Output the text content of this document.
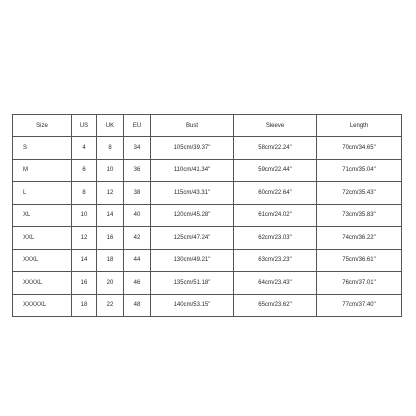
Size	US	UK	EU	Bust	Sleeve	Length
S	4	8	34	105cm/39.37"	58cm/22.24"	70cm/34.65"
M	6	10	36	110cm/41.34"	59cm/22.44"	71cm/35.04"
L	8	12	38	115cm/43.31"	60cm/22.64"	72cm/35.43"
XL	10	14	40	120cm/45.28"	61cm/24.02"	73cm/35.83"
XXL	12	16	42	125cm/47.24"	62cm/23.03"	74cm/36.22"
XXXL	14	18	44	130cm/49.21"	63cm/23.23"	75cm/36.61"
XXXXL	16	20	46	135cm/51.18"	64cm/23.43"	76cm/37.01"
XXXXXL	18	22	48	140cm/53.15"	65cm/23.62"	77cm/37.40"
